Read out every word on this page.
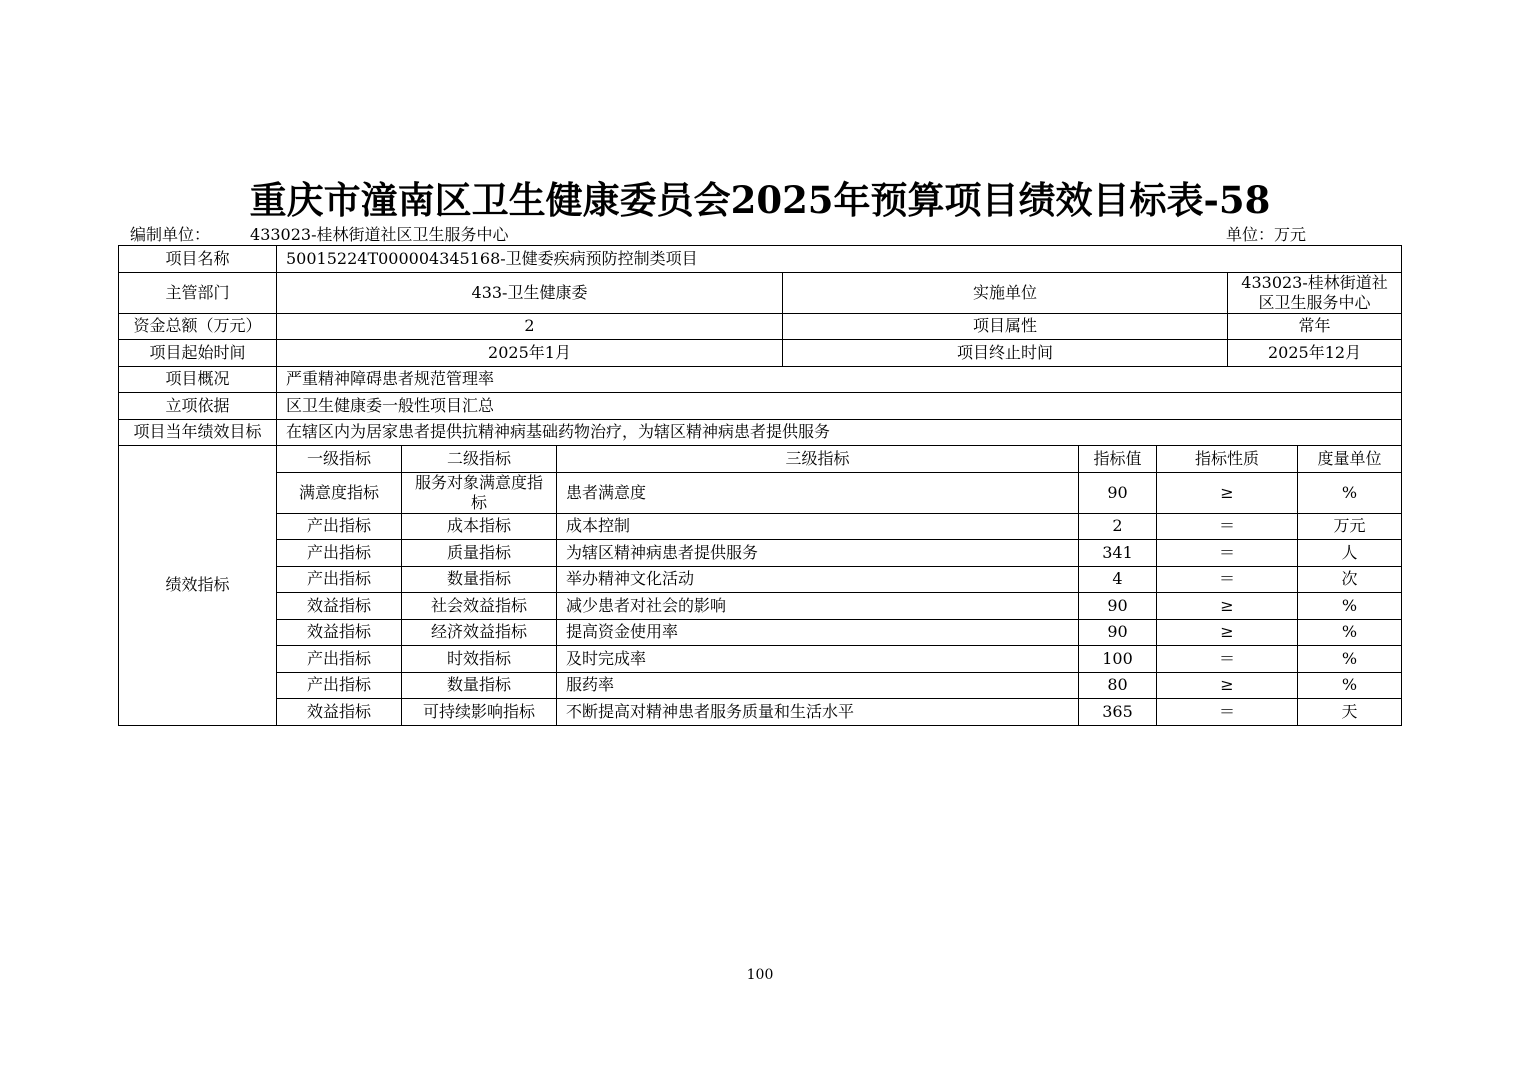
重庆市潼南区卫生健康委员会2025年预算项目绩效目标表-58
编制单位：	433023-桂林街道社区卫生服务中心	单位：万元
项目名称	50015224T000004345168-卫健委疾病预防控制类项目							
主管部门	433-卫生健康委			实施单位			433023-桂林街道社区卫生服务中心	
资金总额（万元）	2			项目属性			常年	
项目起始时间	2025年1月			项目终止时间			2025年12月	
项目概况	严重精神障碍患者规范管理率							
立项依据	区卫生健康委一般性项目汇总							
项目当年绩效目标	在辖区内为居家患者提供抗精神病基础药物治疗，为辖区精神病患者提供服务							
绩效指标	一级指标	二级指标	三级指标		指标值	指标性质		度量单位
	满意度指标	服务对象满意度指标	患者满意度		90	≥		%
	产出指标	成本指标	成本控制		2	＝		万元
	产出指标	质量指标	为辖区精神病患者提供服务		341	＝		人
	产出指标	数量指标	举办精神文化活动		4	＝		次
	效益指标	社会效益指标	减少患者对社会的影响		90	≥		%
	效益指标	经济效益指标	提高资金使用率		90	≥		%
	产出指标	时效指标	及时完成率		100	＝		%
	产出指标	数量指标	服药率		80	≥		%
	效益指标	可持续影响指标	不断提高对精神患者服务质量和生活水平		365	＝		天
100
